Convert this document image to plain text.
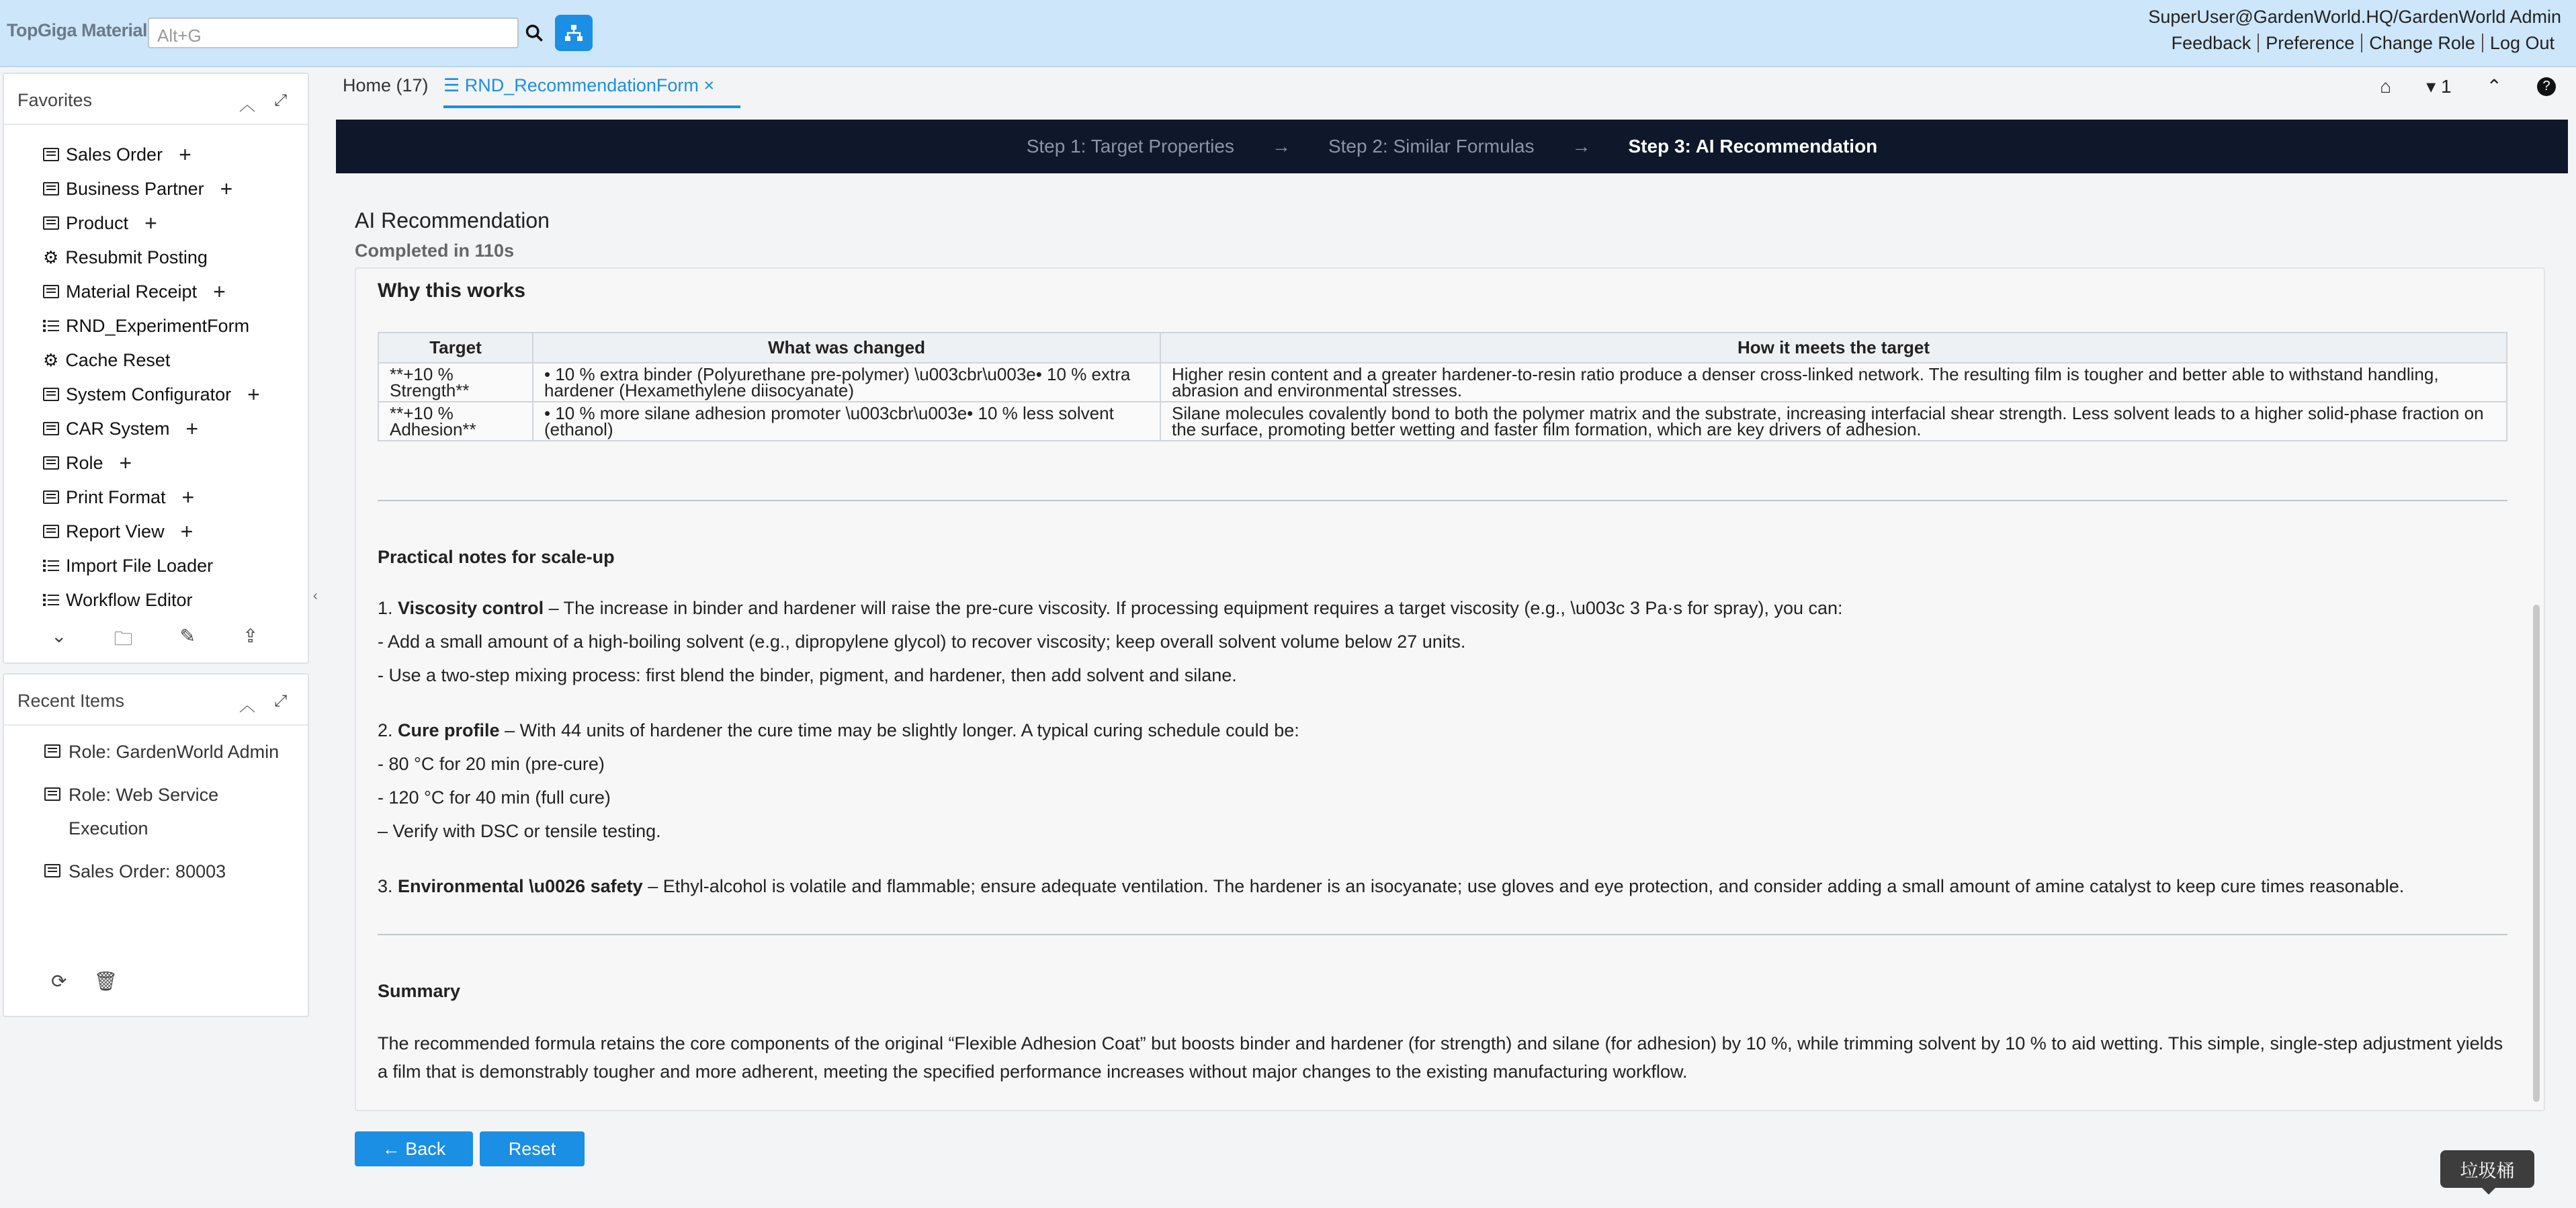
TopGiga Material Alt+G
SuperUser@GardenWorld.HQ/GardenWorld Admin
Feedback Preference Change Role Log Out
Favorites	︿ ⤢
Sales Order +
Business Partner +
Product +
⚙ Resubmit Posting
Material Receipt +
RND_ExperimentForm
⚙ Cache Reset
System Configurator +
CAR System +
Role +
Print Format +
Report View +
Import File Loader
Workflow Editor
⌄	🗀	✎	⇪
‹
Recent Items	︿ ⤢
Role: GardenWorld Admin
Role: Web Service Execution
Sales Order: 80003
⟳ 🗑
Home (17) ☰ RND_RecommendationForm ×	⌂ ▾ 1 ⌃	?
Step 1: Target Properties → Step 2: Similar Formulas → Step 3: AI Recommendation
AI Recommendation
Completed in 110s
Why this works
Target	What was changed	How it meets the target
**+10 % Strength**	• 10 % extra binder (Polyurethane pre-polymer) \u003cbr\u003e• 10 % extra hardener (Hexamethylene diisocyanate)	Higher resin content and a greater hardener-to-resin ratio produce a denser cross-linked network. The resulting film is tougher and better able to withstand handling, abrasion and environmental stresses.
**+10 % Adhesion**	• 10 % more silane adhesion promoter \u003cbr\u003e• 10 % less solvent (ethanol)	Silane molecules covalently bond to both the polymer matrix and the substrate, increasing interfacial shear strength. Less solvent leads to a higher solid-phase fraction on the surface, promoting better wetting and faster film formation, which are key drivers of adhesion.
Practical notes for scale-up
1. Viscosity control – The increase in binder and hardener will raise the pre-cure viscosity. If processing equipment requires a target viscosity (e.g., \u003c 3 Pa·s for spray), you can:
- Add a small amount of a high-boiling solvent (e.g., dipropylene glycol) to recover viscosity; keep overall solvent volume below 27 units.
- Use a two-step mixing process: first blend the binder, pigment, and hardener, then add solvent and silane.
2. Cure profile – With 44 units of hardener the cure time may be slightly longer. A typical curing schedule could be:
- 80 °C for 20 min (pre-cure)
- 120 °C for 40 min (full cure)
– Verify with DSC or tensile testing.
3. Environmental \u0026 safety – Ethyl-alcohol is volatile and flammable; ensure adequate ventilation. The hardener is an isocyanate; use gloves and eye protection, and consider adding a small amount of amine catalyst to keep cure times reasonable.
Summary
The recommended formula retains the core components of the original “Flexible Adhesion Coat” but boosts binder and hardener (for strength) and silane (for adhesion) by 10 %, while trimming solvent by 10 % to aid wetting. This simple, single-step adjustment yields a film that is demonstrably tougher and more adherent, meeting the specified performance increases without major changes to the existing manufacturing workflow.
← Back	Reset
垃圾桶
